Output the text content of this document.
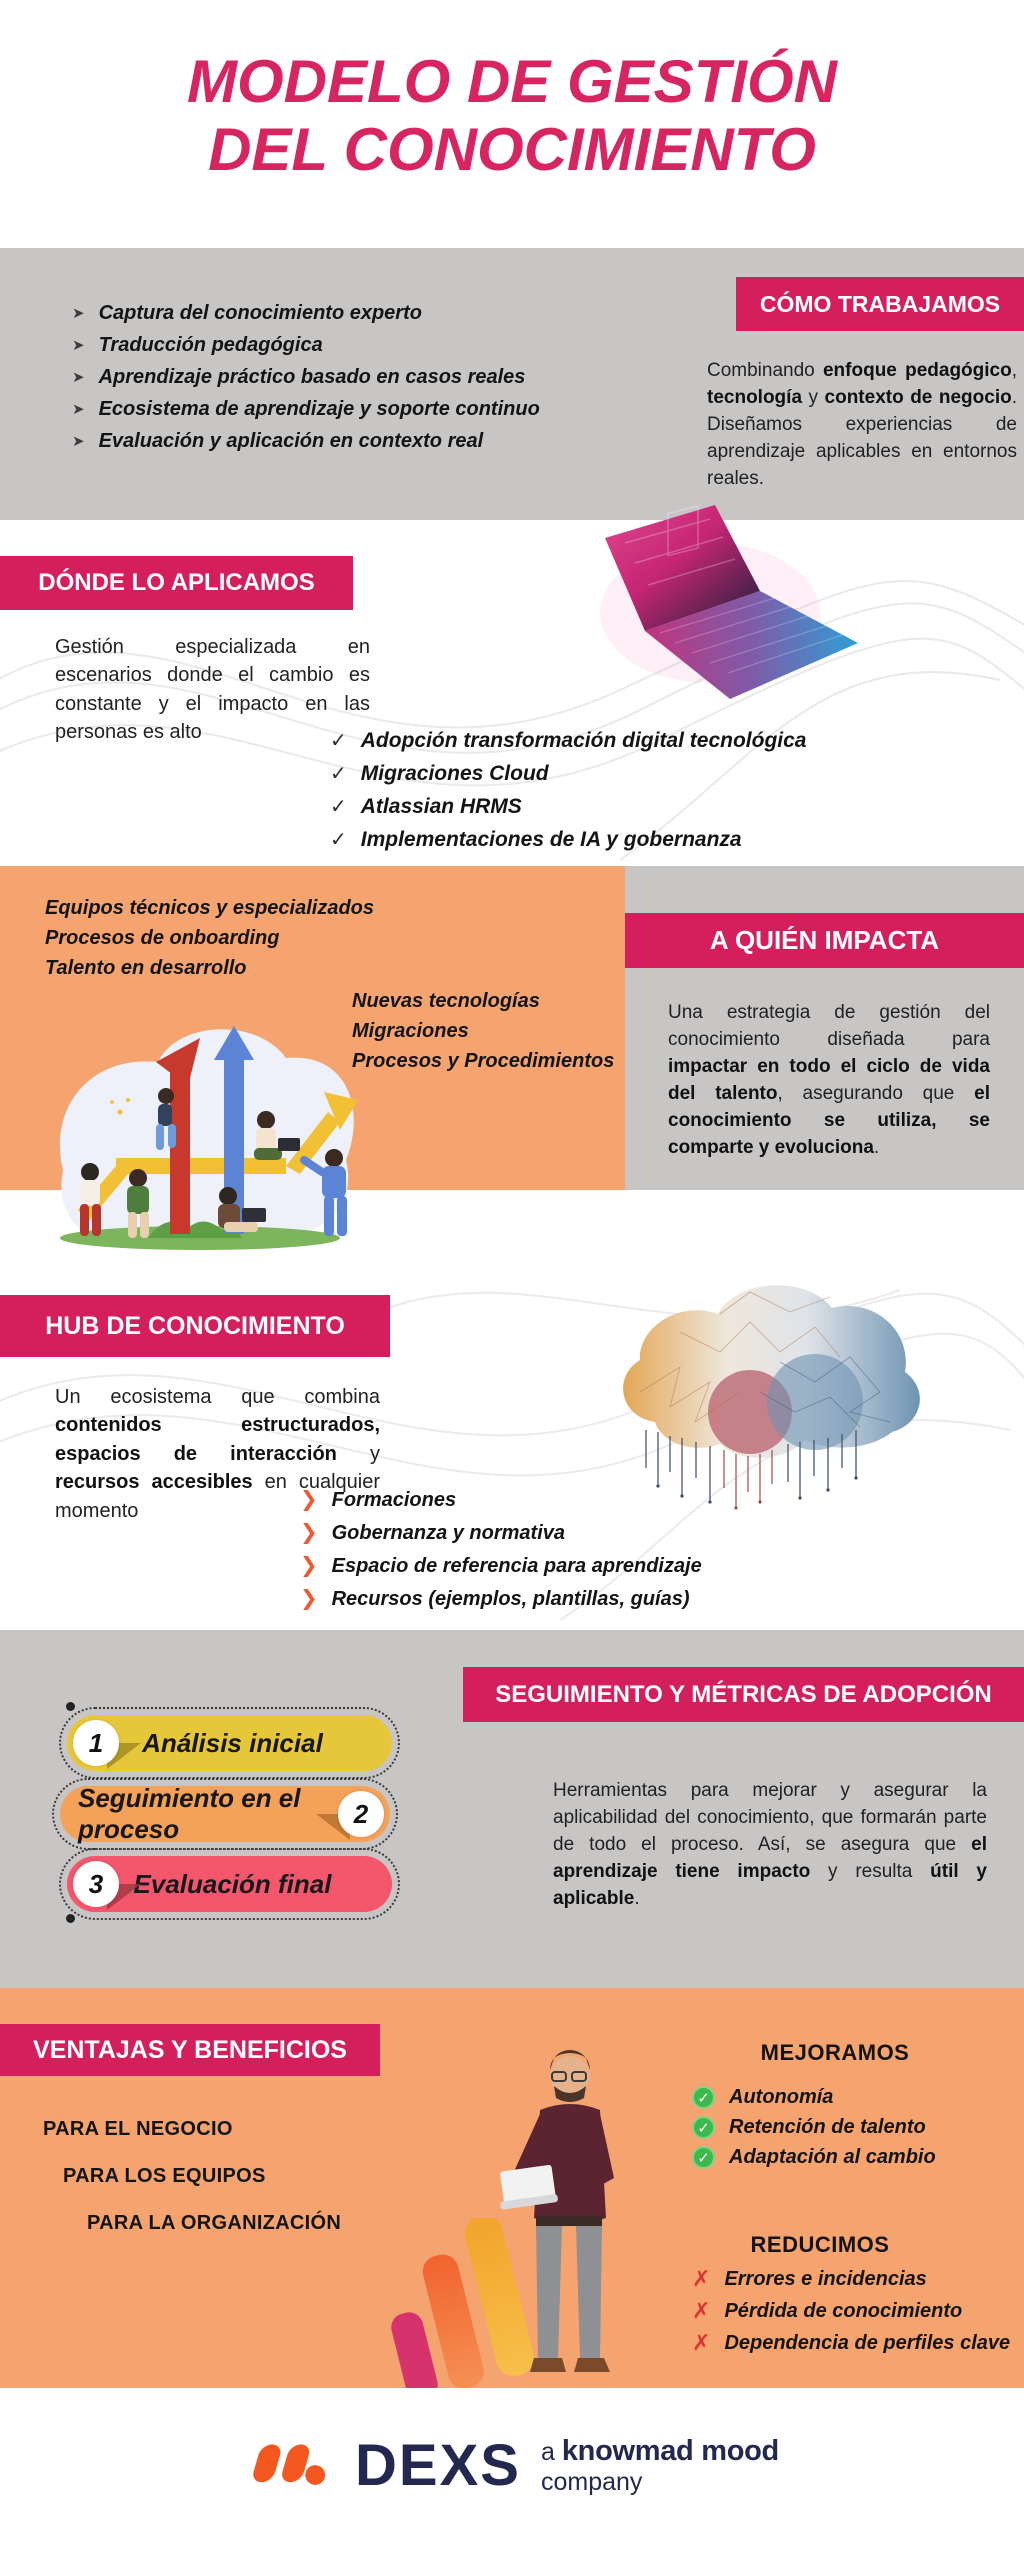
MODELO DE GESTIÓN
DEL CONOCIMIENTO
➤ Captura del conocimiento experto
➤ Traducción pedagógica
➤ Aprendizaje práctico basado en casos reales
➤ Ecosistema de aprendizaje y soporte continuo
➤ Evaluación y aplicación en contexto real
CÓMO TRABAJAMOS
Combinando enfoque pedagógico, tecnología y contexto de negocio. Diseñamos experiencias de aprendizaje aplicables en entornos reales.
DÓNDE LO APLICAMOS
Gestión especializada en escenarios donde el cambio es constante y el impacto en las personas es alto	✓ Adopción transformación digital tecnológica
✓ Migraciones Cloud
✓ Atlassian HRMS
✓ Implementaciones de IA y gobernanza
Equipos técnicos y especializados
Procesos de onboarding
Talento en desarrollo
Nuevas tecnologías
Migraciones
Procesos y Procedimientos
A QUIÉN IMPACTA
Una estrategia de gestión del conocimiento diseñada para impactar en todo el ciclo de vida del talento, asegurando que el conocimiento se utiliza, se comparte y evoluciona.
HUB DE CONOCIMIENTO
Un ecosistema que combina contenidos estructurados, espacios de interacción y recursos accesibles en cualquier momento	❯ Formaciones
❯ Gobernanza y normativa
❯ Espacio de referencia para aprendizaje
❯ Recursos (ejemplos, plantillas, guías)
SEGUIMIENTO Y MÉTRICAS DE ADOPCIÓN
1	Análisis inicial
Seguimiento en el proceso
2
3	Evaluación final
Herramientas para mejorar y asegurar la aplicabilidad del conocimiento, que formarán parte de todo el proceso. Así, se asegura que el aprendizaje tiene impacto y resulta útil y aplicable.
VENTAJAS Y BENEFICIOS
PARA EL NEGOCIO
PARA LOS EQUIPOS
PARA LA ORGANIZACIÓN
MEJORAMOS
✓ Autonomía
✓ Retención de talento
✓ Adaptación al cambio
REDUCIMOS
✗ Errores e incidencias
✗ Pérdida de conocimiento
✗ Dependencia de perfiles clave
DEXS a knowmad mood
company
